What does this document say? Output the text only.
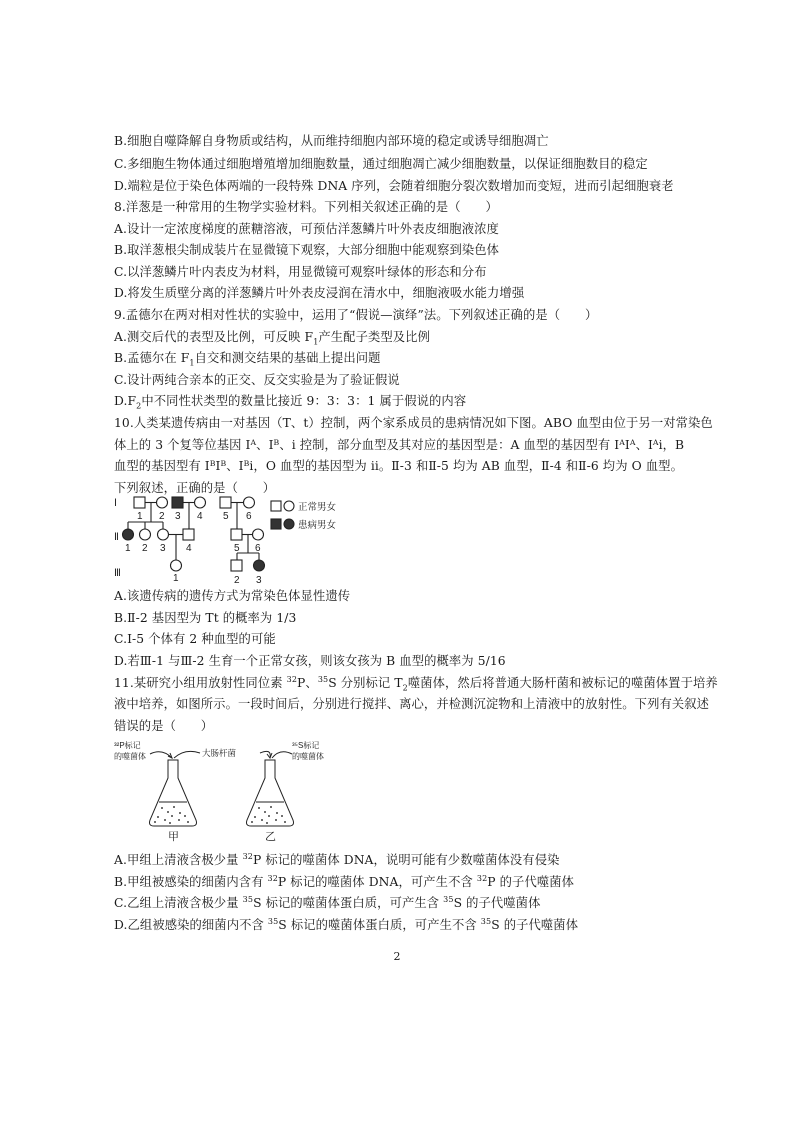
B.细胞自噬降解自身物质或结构，从而维持细胞内部环境的稳定或诱导细胞凋亡
C.多细胞生物体通过细胞增殖增加细胞数量，通过细胞凋亡减少细胞数量，以保证细胞数目的稳定
D.端粒是位于染色体两端的一段特殊 DNA 序列，会随着细胞分裂次数增加而变短，进而引起细胞衰老
8.洋葱是一种常用的生物学实验材料。下列相关叙述正确的是（　　）
A.设计一定浓度梯度的蔗糖溶液，可预估洋葱鳞片叶外表皮细胞液浓度
B.取洋葱根尖制成装片在显微镜下观察，大部分细胞中能观察到染色体
C.以洋葱鳞片叶内表皮为材料，用显微镜可观察叶绿体的形态和分布
D.将发生质壁分离的洋葱鳞片叶外表皮浸润在清水中，细胞液吸水能力增强
9.孟德尔在两对相对性状的实验中，运用了“假说—演绎”法。下列叙述正确的是（　　）
A.测交后代的表型及比例，可反映 $F_1$产生配子类型及比例
B.孟德尔在 $F_1$自交和测交结果的基础上提出问题
C.设计两纯合亲本的正交、反交实验是为了验证假说
$D.F_2$中不同性状类型的数量比接近 9：3：3：1 属于假说的内容
10.人类某遗传病由一对基因（T、t）控制，两个家系成员的患病情况如下图。ABO 血型由位于另一对常染色
体上的 3 个复等位基因 Iᴬ、Iᴮ、i 控制，部分血型及其对应的基因型是：A 血型的基因型有 IᴬIᴬ、Iᴬi，B
血型的基因型有 IᴮIᴮ、Iᴮi，O 血型的基因型为 ii。Ⅱ-3 和Ⅱ-5 均为 AB 血型，Ⅱ-4 和Ⅱ-6 均为 O 血型。
下列叙述，正确的是（　　）
Ⅰ
Ⅱ
Ⅲ
1 2 3 4
1 2 3 4
1
5 6
5 6
2 3
正常男女
患病男女
A.该遗传病的遗传方式为常染色体显性遗传
B.Ⅱ-2 基因型为 Tt 的概率为 1/3
C.Ⅰ-5 个体有 2 种血型的可能
D.若Ⅲ-1 与Ⅲ-2 生育一个正常女孩，则该女孩为 B 血型的概率为 5/16
11.某研究小组用放射性同位素 $^{32}$P、$^{35}$S 分别标记 $T_2$噬菌体，然后将普通大肠杆菌和被标记的噬菌体置于培养
液中培养，如图所示。一段时间后，分别进行搅拌、离心，并检测沉淀物和上清液中的放射性。下列有关叙述
错误的是（　　）
³²P标记
的噬菌体	大肠杆菌
³⁵S标记
的噬菌体
甲	乙
A.甲组上清液含极少量 $^{32}$P 标记的噬菌体 DNA，说明可能有少数噬菌体没有侵染
B.甲组被感染的细菌内含有 $^{32}$P 标记的噬菌体 DNA，可产生不含 $^{32}$P 的子代噬菌体
C.乙组上清液含极少量 $^{35}$S 标记的噬菌体蛋白质，可产生含 $^{35}$S 的子代噬菌体
D.乙组被感染的细菌内不含 $^{35}$S 标记的噬菌体蛋白质，可产生不含 $^{35}$S 的子代噬菌体
2
